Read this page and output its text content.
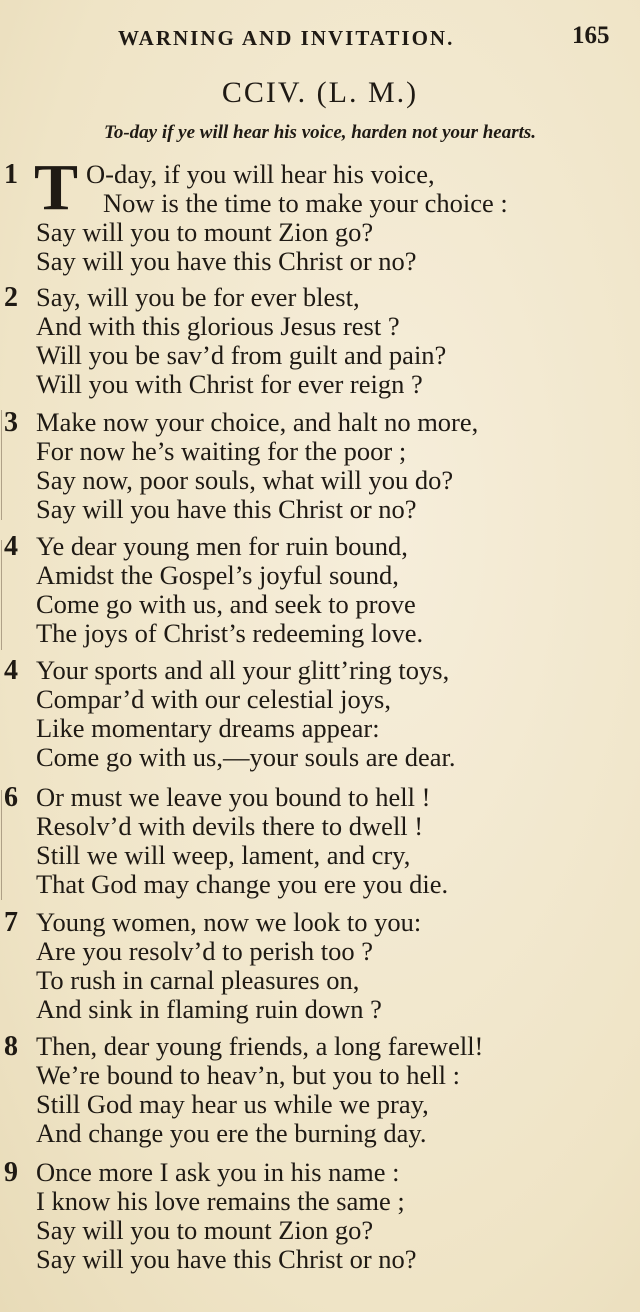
WARNING AND INVITATION.	165
CCIV. (L. M.)
To-day if ye will hear his voice, harden not your hearts.
T
1	O-day, if you will hear his voice,
Now is the time to make your choice :
Say will you to mount Zion go?
Say will you have this Christ or no?
2 Say, will you be for ever blest,
And with this glorious Jesus rest ?
Will you be sav’d from guilt and pain?
Will you with Christ for ever reign ?
3 Make now your choice, and halt no more,
For now he’s waiting for the poor ;
Say now, poor souls, what will you do?
Say will you have this Christ or no?
4 Ye dear young men for ruin bound,
Amidst the Gospel’s joyful sound,
Come go with us, and seek to prove
The joys of Christ’s redeeming love.
4 Your sports and all your glitt’ring toys,
Compar’d with our celestial joys,
Like momentary dreams appear:
Come go with us,—your souls are dear.
6 Or must we leave you bound to hell !
Resolv’d with devils there to dwell !
Still we will weep, lament, and cry,
That God may change you ere you die.
7 Young women, now we look to you:
Are you resolv’d to perish too ?
To rush in carnal pleasures on,
And sink in flaming ruin down ?
8 Then, dear young friends, a long farewell!
We’re bound to heav’n, but you to hell :
Still God may hear us while we pray,
And change you ere the burning day.
9 Once more I ask you in his name :
I know his love remains the same ;
Say will you to mount Zion go?
Say will you have this Christ or no?
